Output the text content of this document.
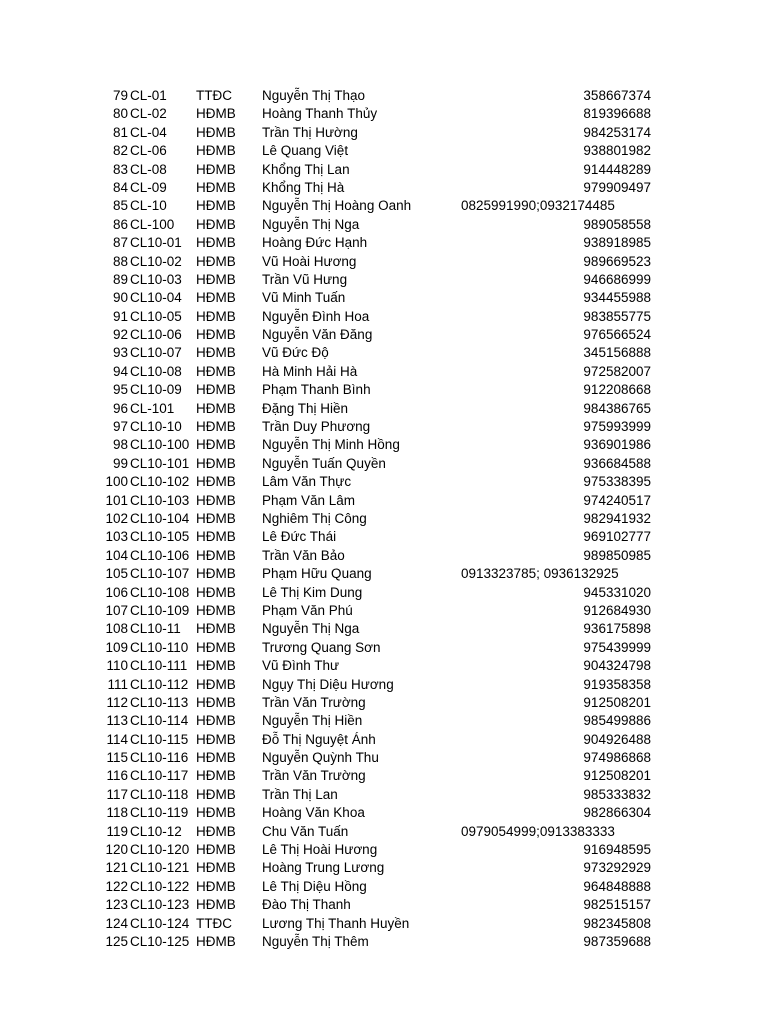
79 CL-01 TTĐC Nguyễn Thị Thạo	358667374
80 CL-02 HĐMB Hoàng Thanh Thủy	819396688
81 CL-04 HĐMB Trần Thị Hường	984253174
82 CL-06 HĐMB Lê Quang Việt	938801982
83 CL-08 HĐMB Khổng Thị Lan	914448289
84 CL-09 HĐMB Khổng Thị Hà	979909497
85 CL-10 HĐMB Nguyễn Thị Hoàng Oanh	0825991990;0932174485
86 CL-100 HĐMB Nguyễn Thị Nga	989058558
87 CL10-01 HĐMB Hoàng Đức Hạnh	938918985
88 CL10-02 HĐMB Vũ Hoài Hương	989669523
89 CL10-03 HĐMB Trần Vũ Hưng	946686999
90 CL10-04 HĐMB Vũ Minh Tuấn	934455988
91 CL10-05 HĐMB Nguyễn Đình Hoa	983855775
92 CL10-06 HĐMB Nguyễn Văn Đăng	976566524
93 CL10-07 HĐMB Vũ Đức Độ	345156888
94 CL10-08 HĐMB Hà Minh Hải Hà	972582007
95 CL10-09 HĐMB Phạm Thanh Bình	912208668
96 CL-101 HĐMB Đặng Thị Hiền	984386765
97 CL10-10 HĐMB Trần Duy Phương	975993999
98 CL10-100 HĐMB Nguyễn Thị Minh Hồng	936901986
99 CL10-101 HĐMB Nguyễn Tuấn Quyền	936684588
100 CL10-102 HĐMB Lâm Văn Thực	975338395
101 CL10-103 HĐMB Phạm Văn Lâm	974240517
102 CL10-104 HĐMB Nghiêm Thị Công	982941932
103 CL10-105 HĐMB Lê Đức Thái	969102777
104 CL10-106 HĐMB Trần Văn Bảo	989850985
105 CL10-107 HĐMB Phạm Hữu Quang	0913323785; 0936132925
106 CL10-108 HĐMB Lê Thị Kim Dung	945331020
107 CL10-109 HĐMB Phạm Văn Phú	912684930
108 CL10-11 HĐMB Nguyễn Thị Nga	936175898
109 CL10-110 HĐMB Trương Quang Sơn	975439999
110 CL10-111 HĐMB Vũ Đình Thư	904324798
111 CL10-112 HĐMB Ngụy Thị Diệu Hương	919358358
112 CL10-113 HĐMB Trần Văn Trường	912508201
113 CL10-114 HĐMB Nguyễn Thị Hiền	985499886
114 CL10-115 HĐMB Đỗ Thị Nguyệt Ánh	904926488
115 CL10-116 HĐMB Nguyễn Quỳnh Thu	974986868
116 CL10-117 HĐMB Trần Văn Trường	912508201
117 CL10-118 HĐMB Trần Thị Lan	985333832
118 CL10-119 HĐMB Hoàng Văn Khoa	982866304
119 CL10-12 HĐMB Chu Văn Tuấn	0979054999;0913383333
120 CL10-120 HĐMB Lê Thị Hoài Hương	916948595
121 CL10-121 HĐMB Hoàng Trung Lương	973292929
122 CL10-122 HĐMB Lê Thị Diệu Hồng	964848888
123 CL10-123 HĐMB Đào Thị Thanh	982515157
124 CL10-124 TTĐC Lương Thị Thanh Huyền	982345808
125 CL10-125 HĐMB Nguyễn Thị Thêm	987359688
